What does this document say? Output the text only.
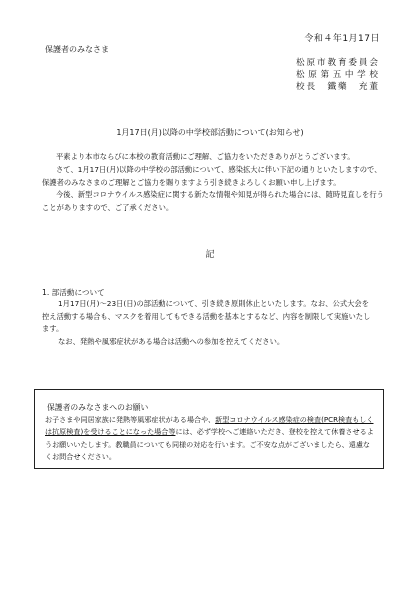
令和４年1月17日
保護者のみなさま
松原市教育委員会
松原第五中学校
校長　鐵藥　充董
1月17日(月)以降の中学校部活動について(お知らせ)
平素より本市ならびに本校の教育活動にご理解、ご協力をいただきありがとうございます。
さて、1月17日(月)以降の中学校の部活動について、感染拡大に伴い下記の通りといたしますので、保護者のみなさまのご理解とご協力を賜りますよう引き続きよろしくお願い申し上げます。
今後、新型コロナウイルス感染症に関する新たな情報や知見が得られた場合には、随時見直しを行うことがありますので、ご了承ください。
記
1. 部活動について
1月17日(月)～23日(日)の部活動について、引き続き原則休止といたします。なお、公式大会を控え活動する場合も、マスクを着用してもできる活動を基本とするなど、内容を制限して実施いたします。
なお、発熱や風邪症状がある場合は活動への参加を控えてください。
保護者のみなさまへのお願い
お子さまや同居家族に発熱等風邪症状がある場合や、新型コロナウイルス感染症の検査(PCR検査もしくは抗原検査)を受けることになった場合等には、必ず学校へご連絡いただき、登校を控えて休養させるようお願いいたします。教職員についても同様の対応を行います。ご不安な点がございましたら、遠慮なくお問合せください。
